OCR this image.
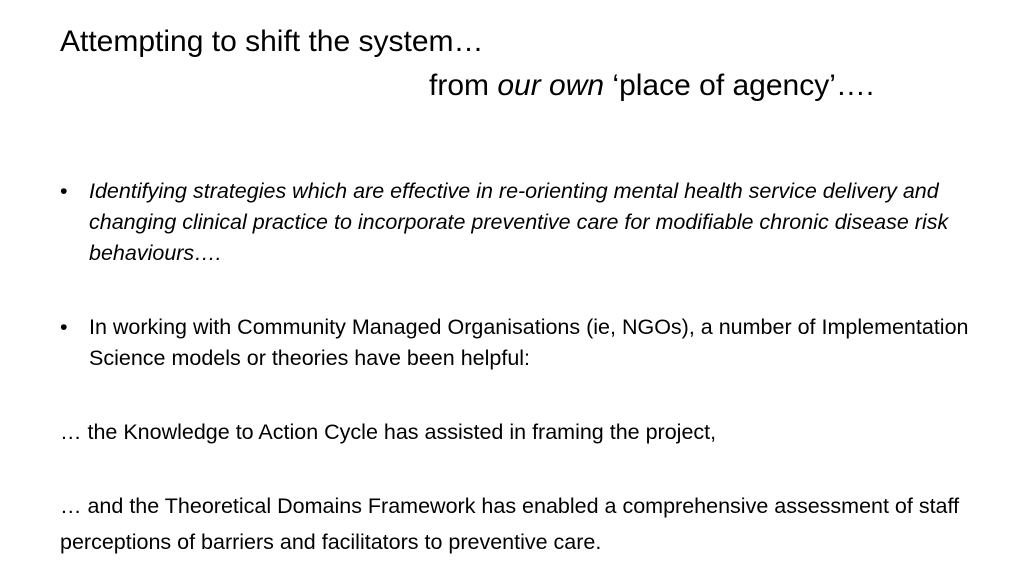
Attempting to shift the system…
from our own ‘place of agency’….
• Identifying strategies which are effective in re-orienting mental health service delivery and changing clinical practice to incorporate preventive care for modifiable chronic disease risk behaviours….
• In working with Community Managed Organisations (ie, NGOs), a number of Implementation Science models or theories have been helpful:
… the Knowledge to Action Cycle has assisted in framing the project,
… and the Theoretical Domains Framework has enabled a comprehensive assessment of staff perceptions of barriers and facilitators to preventive care.
